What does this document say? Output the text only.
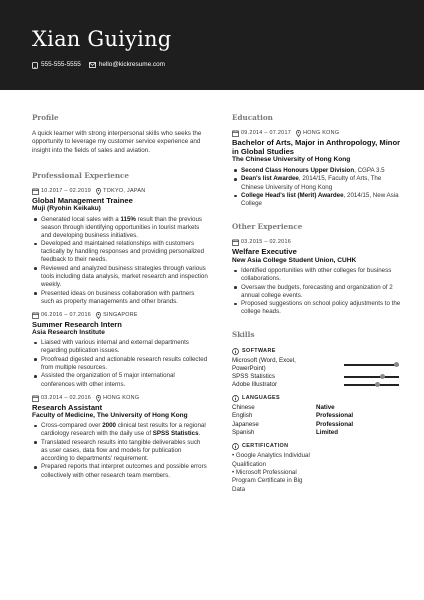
Xian Guiying
555-555-5555	hello@kickresume.com
Profile

A quick learner with strong interpersonal skills who seeks the opportunity to leverage my customer service experience and insight into the fields of sales and aviation.

Professional Experience
10.2017 – 02.2019 TOKYO, JAPAN
Global Management Trainee
Muji (Ryohin Keikaku)
Generated local sales with a 115% result than the previous season through identifying opportunities in tourist markets and developing business initiatives.
Developed and maintained relationships with customers tactically by handling responses and providing personalized feedback to their needs.
Reviewed and analyzed business strategies through various tools including data analysis, market research and inspection weekly.
Presented ideas on business collaboration with partners such as property managements and other brands.
06.2016 – 07.2016 SINGAPORE
Summer Research Intern
Asia Research Institute
Liaised with various internal and external departments regarding publication issues.
Proofread digested and actionable research results collected from multiple resources.
Assisted the organization of 5 major international conferences with other interns.
03.2014 – 02.2016 HONG KONG
Research Assistant
Faculty of Medicine, The University of Hong Kong
Cross-compared over 2000 clinical test results for a regional cardiology research with the daily use of SPSS Statistics.
Translated research results into tangible deliverables such as user cases, data flow and models for publication according to departments' requirement.
Prepared reports that interpret outcomes and possible errors collectively with other research team members.
Education
09.2014 – 07.2017 HONG KONG
Bachelor of Arts, Major in Anthropology, Minor in Global Studies
The Chinese University of Hong Kong
Second Class Honours Upper Division, CGPA 3.5
Dean's list Awardee, 2014/15, Faculty of Arts, The Chinese University of Hong Kong
College Head's list (Merit) Awardee, 2014/15, New Asia College
Other Experience
03.2015 – 02.2016
Welfare Executive
New Asia College Student Union, CUHK
Identified opportunities with other colleges for business collaborations.
Oversaw the budgets, forecasting and organization of 2 annual college events.
Proposed suggestions on school policy adjustments to the college heads.
Skills
SOFTWARE
Microsoft (Word, Excel, PowerPoint)
SPSS Statistics
Adobe Illustrator
LANGUAGES
Chinese	Native
English	Professional
Japanese	Professional
Spanish	Limited
CERTIFICATION
• Google Analytics Individual Qualification
• Microsoft Professional Program Certificate in Big Data
